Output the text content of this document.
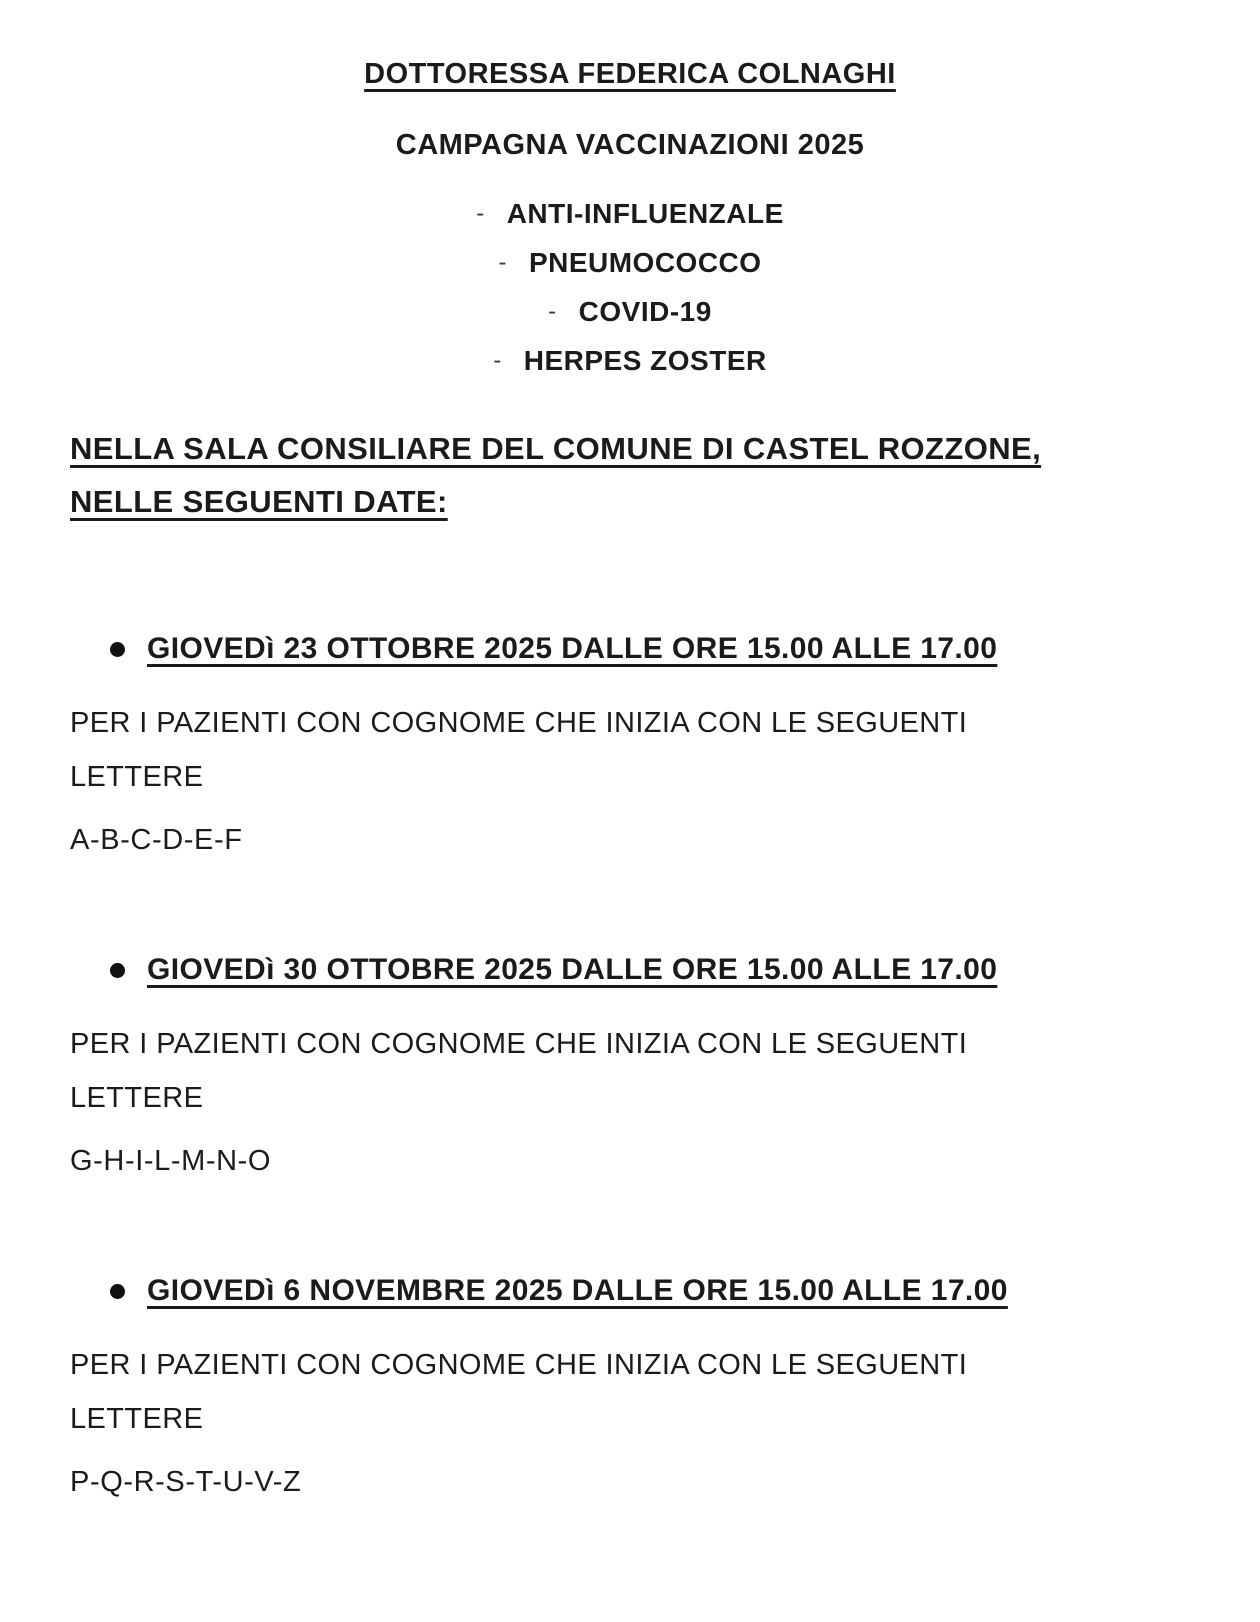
DOTTORESSA FEDERICA COLNAGHI
CAMPAGNA VACCINAZIONI 2025
- ANTI-INFLUENZALE
- PNEUMOCOCCO
- COVID-19
- HERPES ZOSTER
NELLA SALA CONSILIARE DEL COMUNE DI CASTEL ROZZONE,
NELLE SEGUENTI DATE:
GIOVEDì 23 OTTOBRE 2025 DALLE ORE 15.00 ALLE 17.00

PER I PAZIENTI CON COGNOME CHE INIZIA CON LE SEGUENTI LETTERE

A-B-C-D-E-F

GIOVEDì 30 OTTOBRE 2025 DALLE ORE 15.00 ALLE 17.00

PER I PAZIENTI CON COGNOME CHE INIZIA CON LE SEGUENTI LETTERE

G-H-I-L-M-N-O

GIOVEDì 6 NOVEMBRE 2025 DALLE ORE 15.00 ALLE 17.00

PER I PAZIENTI CON COGNOME CHE INIZIA CON LE SEGUENTI LETTERE

P-Q-R-S-T-U-V-Z
